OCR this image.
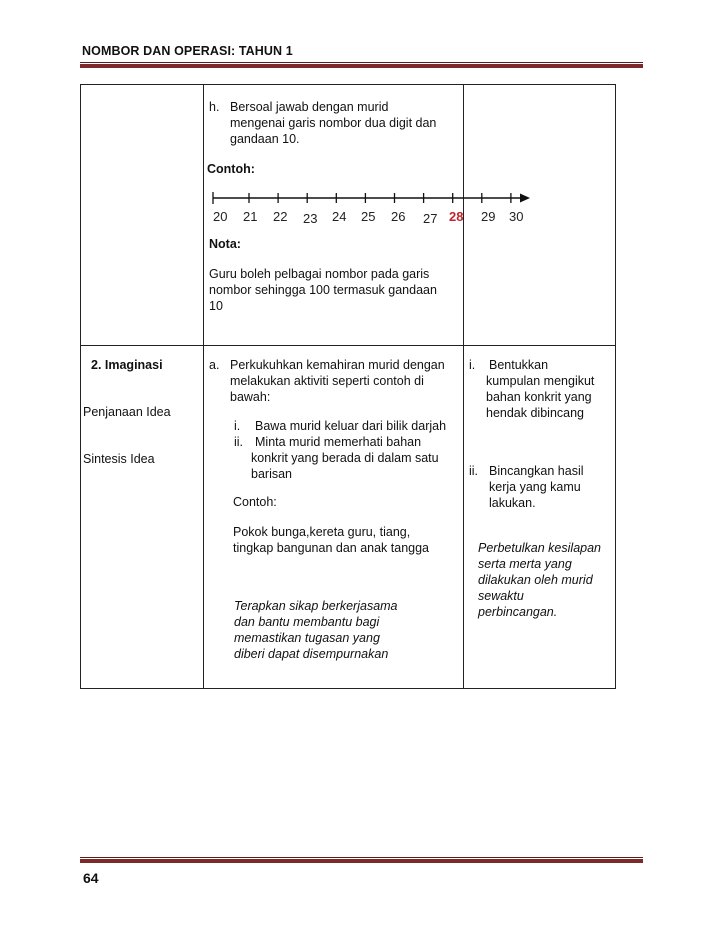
NOMBOR DAN OPERASI: TAHUN 1
h. Bersoal jawab dengan murid
mengenai garis nombor dua digit dan
gandaan 10.
Contoh:
20 21 22 23 24 25 26 27 28 29 30
Nota:
Guru boleh pelbagai nombor pada garis
nombor sehingga 100 termasuk gandaan
10
2. Imaginasi
Penjanaan Idea
Sintesis Idea
a. Perkukuhkan kemahiran murid dengan
melakukan aktiviti seperti contoh di
bawah:
i. Bawa murid keluar dari bilik darjah
ii. Minta murid memerhati bahan
konkrit yang berada di dalam satu
barisan
Contoh:
Pokok bunga,kereta guru, tiang,
tingkap bangunan dan anak tangga
Terapkan sikap berkerjasama
dan bantu membantu bagi
memastikan tugasan yang
diberi dapat disempurnakan
i. Bentukkan
kumpulan mengikut
bahan konkrit yang
hendak dibincang
ii. Bincangkan hasil
kerja yang kamu
lakukan.
Perbetulkan kesilapan
serta merta yang
dilakukan oleh murid
sewaktu
perbincangan.
64
